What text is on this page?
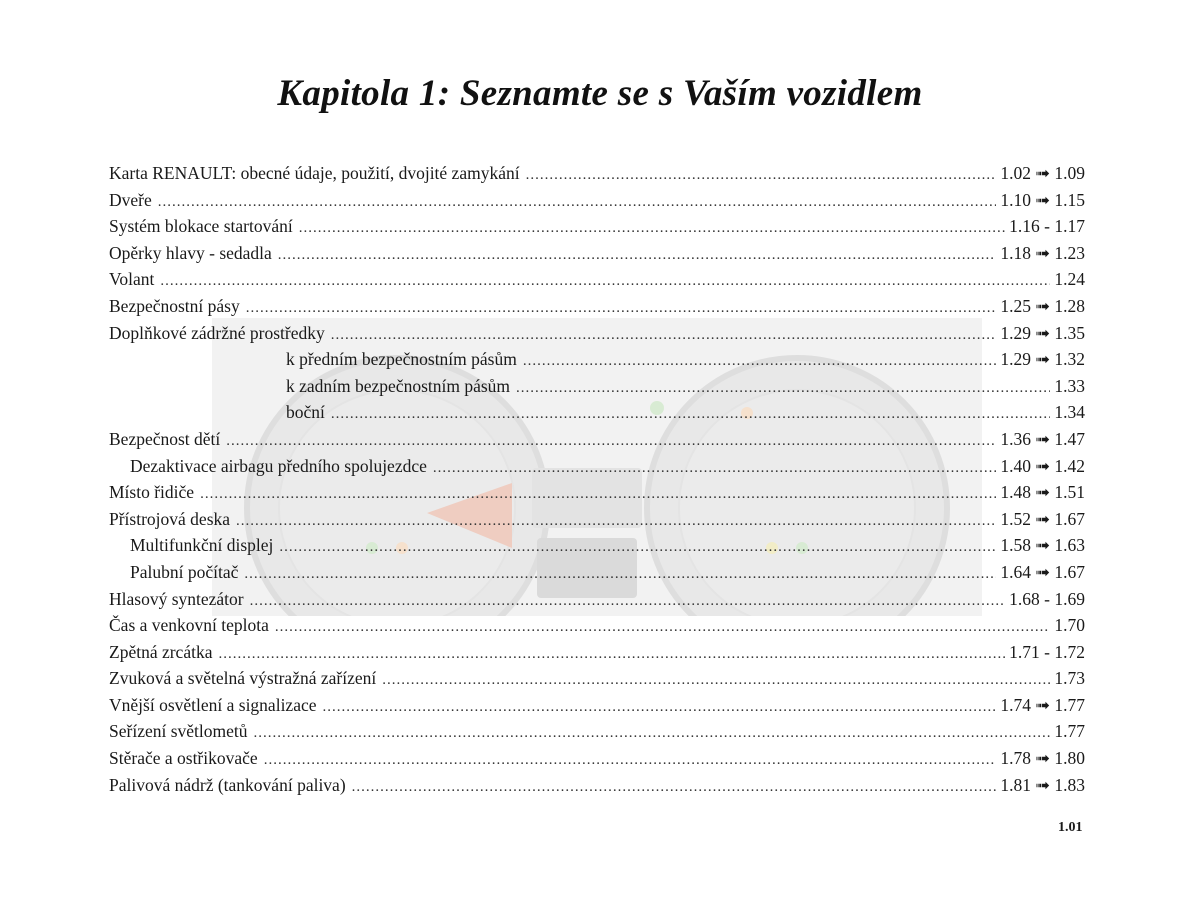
Kapitola 1: Seznamte se s Vaším vozidlem
Karta RENAULT: obecné údaje, použití, dvojité zamykání .....	1.02 ➟ 1.09
Dveře .....	1.10 ➟ 1.15
Systém blokace startování .....	1.16 - 1.17
Opěrky hlavy - sedadla .....	1.18 ➟ 1.23
Volant .....	1.24
Bezpečnostní pásy .....	1.25 ➟ 1.28
Doplňkové zádržné prostředky .....	1.29 ➟ 1.35
k předním bezpečnostním pásům .....	1.29 ➟ 1.32
k zadním bezpečnostním pásům .....	1.33
boční .....	1.34
Bezpečnost dětí .....	1.36 ➟ 1.47
Dezaktivace airbagu předního spolujezdce .....	1.40 ➟ 1.42
Místo řidiče .....	1.48 ➟ 1.51
Přístrojová deska .....	1.52 ➟ 1.67
Multifunkční displej .....	1.58 ➟ 1.63
Palubní počítač .....	1.64 ➟ 1.67
Hlasový syntezátor .....	1.68 - 1.69
Čas a venkovní teplota .....	1.70
Zpětná zrcátka .....	1.71 - 1.72
Zvuková a světelná výstražná zařízení .....	1.73
Vnější osvětlení a signalizace .....	1.74 ➟ 1.77
Seřízení světlometů .....	1.77
Stěrače a ostřikovače .....	1.78 ➟ 1.80
Palivová nádrž (tankování paliva) .....	1.81 ➟ 1.83
1.01
